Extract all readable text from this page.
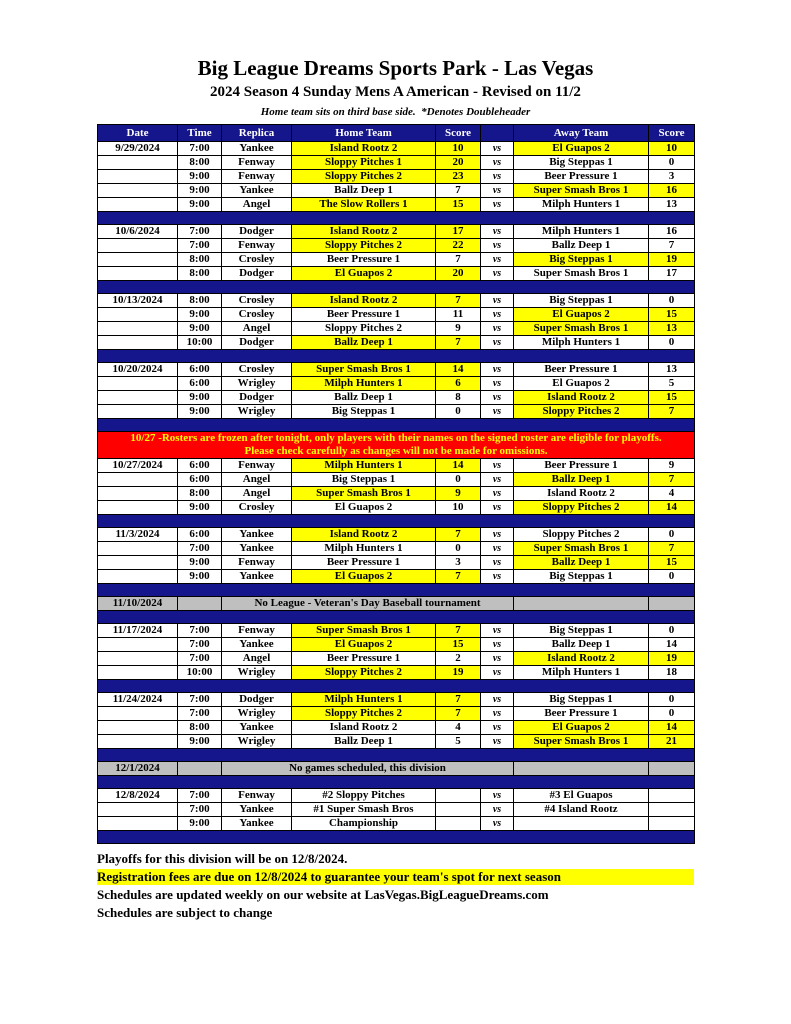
Big League Dreams Sports Park - Las Vegas
2024 Season 4 Sunday Mens A American - Revised on 11/2
Home team sits on third base side.  *Denotes Doubleheader
Date	Time	Replica	Home Team	Score		Away Team	Score
9/29/2024	7:00	Yankee	Island Rootz 2	10	vs	El Guapos 2	10
	8:00	Fenway	Sloppy Pitches 1	20	vs	Big Steppas 1	0
	9:00	Fenway	Sloppy Pitches 2	23	vs	Beer Pressure 1	3
	9:00	Yankee	Ballz Deep 1	7	vs	Super Smash Bros 1	16
	9:00	Angel	The Slow Rollers 1	15	vs	Milph Hunters 1	13

10/6/2024	7:00	Dodger	Island Rootz 2	17	vs	Milph Hunters 1	16
	7:00	Fenway	Sloppy Pitches 2	22	vs	Ballz Deep 1	7
	8:00	Crosley	Beer Pressure 1	7	vs	Big Steppas 1	19
	8:00	Dodger	El Guapos 2	20	vs	Super Smash Bros 1	17

10/13/2024	8:00	Crosley	Island Rootz 2	7	vs	Big Steppas 1	0
	9:00	Crosley	Beer Pressure 1	11	vs	El Guapos 2	15
	9:00	Angel	Sloppy Pitches 2	9	vs	Super Smash Bros 1	13
	10:00	Dodger	Ballz Deep 1	7	vs	Milph Hunters 1	0

10/20/2024	6:00	Crosley	Super Smash Bros 1	14	vs	Beer Pressure 1	13
	6:00	Wrigley	Milph Hunters 1	6	vs	El Guapos 2	5
	9:00	Dodger	Ballz Deep 1	8	vs	Island Rootz 2	15
	9:00	Wrigley	Big Steppas 1	0	vs	Sloppy Pitches 2	7

10/27 -Rosters are frozen after tonight, only players with their names on the signed roster are eligible for playoffs.
Please check carefully as changes will not be made for omissions.							

10/27/2024	6:00	Fenway	Milph Hunters 1	14	vs	Beer Pressure 1	9
	6:00	Angel	Big Steppas 1	0	vs	Ballz Deep 1	7
	8:00	Angel	Super Smash Bros 1	9	vs	Island Rootz 2	4
	9:00	Crosley	El Guapos 2	10	vs	Sloppy Pitches 2	14

11/3/2024	6:00	Yankee	Island Rootz 2	7	vs	Sloppy Pitches 2	0
	7:00	Yankee	Milph Hunters 1	0	vs	Super Smash Bros 1	7
	9:00	Fenway	Beer Pressure 1	3	vs	Ballz Deep 1	15
	9:00	Yankee	El Guapos 2	7	vs	Big Steppas 1	0

11/10/2024		No League - Veteran's Day Baseball tournament					

11/17/2024	7:00	Fenway	Super Smash Bros 1	7	vs	Big Steppas 1	0
	7:00	Yankee	El Guapos 2	15	vs	Ballz Deep 1	14
	7:00	Angel	Beer Pressure 1	2	vs	Island Rootz 2	19
	10:00	Wrigley	Sloppy Pitches 2	19	vs	Milph Hunters 1	18

11/24/2024	7:00	Dodger	Milph Hunters 1	7	vs	Big Steppas 1	0
	7:00	Wrigley	Sloppy Pitches 2	7	vs	Beer Pressure 1	0
	8:00	Yankee	Island Rootz 2	4	vs	El Guapos 2	14
	9:00	Wrigley	Ballz Deep 1	5	vs	Super Smash Bros 1	21

12/1/2024		No games scheduled, this division					

12/8/2024	7:00	Fenway	#2 Sloppy Pitches		vs	#3 El Guapos	
	7:00	Yankee	#1 Super Smash Bros		vs	#4 Island Rootz	
	9:00	Yankee	Championship		vs		

Playoffs for this division will be on 12/8/2024.
Registration fees are due on 12/8/2024 to guarantee your team's spot for next season
Schedules are updated weekly on our website at LasVegas.BigLeagueDreams.com
Schedules are subject to change
